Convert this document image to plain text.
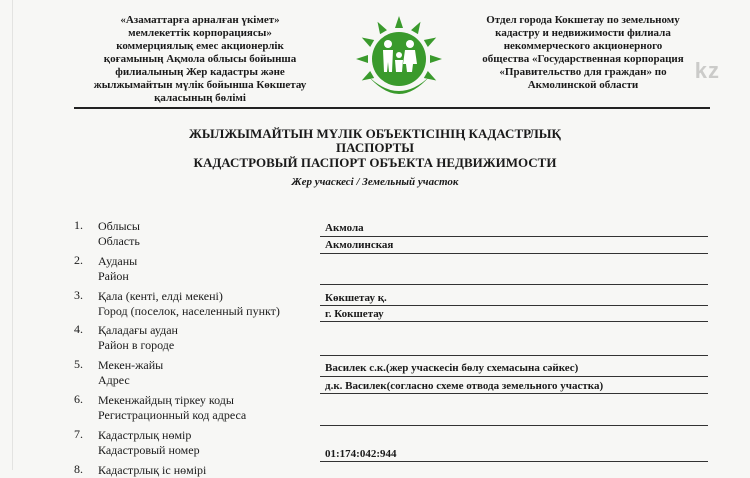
«Азаматтарға арналған үкімет»
мемлекеттік корпорациясы»
коммерциялық емес акционерлік
қоғамының Ақмола облысы бойынша
филиалының Жер кадастры және
жылжымайтын мүлік бойынша Көкшетау
қаласының бөлімі
Отдел города Кокшетау по земельному
кадастру и недвижимости филиала
некоммерческого акционерного
общества «Государственная корпорация
«Правительство для граждан» по
Акмолинской области
kz
ЖЫЛЖЫМАЙТЫН МҮЛІК ОБЪЕКТІСІНІҢ КАДАСТРЛЫҚ
ПАСПОРТЫ
КАДАСТРОВЫЙ ПАСПОРТ ОБЪЕКТА НЕДВИЖИМОСТИ
Жер учаскесі / Земельный участок
1. Облысы
Область
Акмола
Акмолинская
2. Ауданы
Район
3. Қала (кенті, елді мекені)
Город (поселок, населенный пункт)
Көкшетау қ.
г. Кокшетау
4. Қаладағы аудан
Район в городе
5. Мекен-жайы
Адрес
Василек с.к.(жер учаскесін бөлу схемасына сәйкес)
д.к. Василек(согласно схеме отвода земельного участка)
6. Мекенжайдың тіркеу коды
Регистрационный код адреса
7. Кадастрлық нөмір
Кадастровый номер	01:174:042:944
8. Кадастрлық іс нөмірі
